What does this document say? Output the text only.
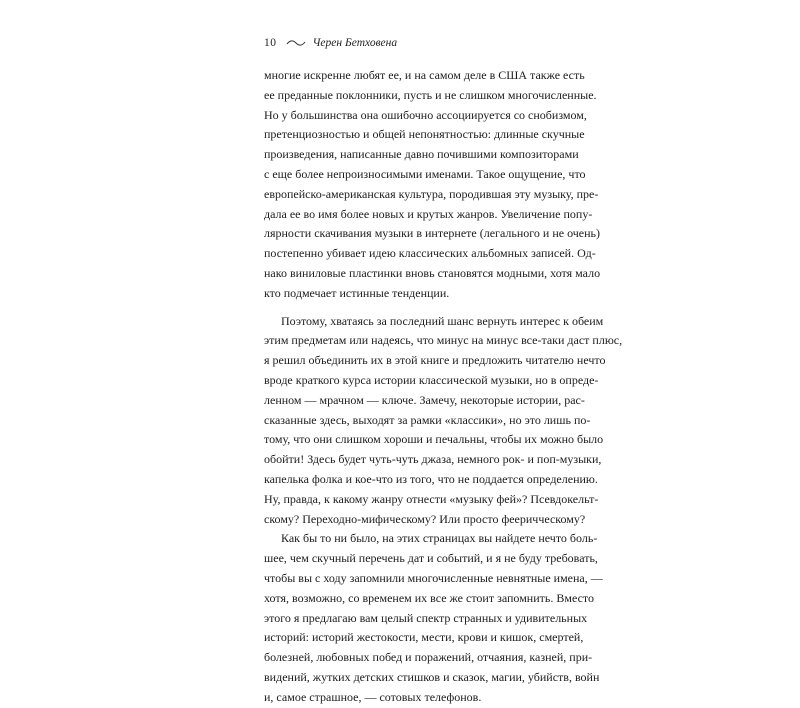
10	Черен Бетховена
многие искренне любят ее, и на самом деле в США также есть
ее преданные поклонники, пусть и не слишком многочисленные.
Но у большинства она ошибочно ассоциируется со снобизмом,
претенциозностью и общей непонятностью: длинные скучные
произведения, написанные давно почившими композиторами
с еще более непроизносимыми именами. Такое ощущение, что
европейско-американская культура, породившая эту музыку, пре-
дала ее во имя более новых и крутых жанров. Увеличение попу-
лярности скачивания музыки в интернете (легального и не очень)
постепенно убивает идею классических альбомных записей. Од-
нако виниловые пластинки вновь становятся модными, хотя мало
кто подмечает истинные тенденции.
Поэтому, хватаясь за последний шанс вернуть интерес к обеим
этим предметам или надеясь, что минус на минус все-таки даст плюс,
я решил объединить их в этой книге и предложить читателю нечто
вроде краткого курса истории классической музыки, но в опреде-
ленном — мрачном — ключе. Замечу, некоторые истории, рас-
сказанные здесь, выходят за рамки «классики», но это лишь по-
тому, что они слишком хороши и печальны, чтобы их можно было
обойти! Здесь будет чуть-чуть джаза, немного рок- и поп-музыки,
капелька фолка и кое-что из того, что не поддается определению.
Ну, правда, к какому жанру отнести «музыку фей»? Псевдокельт-
скому? Переходно-мифическому? Или просто фееричческому?
Как бы то ни было, на этих страницах вы найдете нечто боль-
шее, чем скучный перечень дат и событий, и я не буду требовать,
чтобы вы с ходу запомнили многочисленные невнятные имена, —
хотя, возможно, со временем их все же стоит запомнить. Вместо
этого я предлагаю вам целый спектр странных и удивительных
историй: историй жестокости, мести, крови и кишок, смертей,
болезней, любовных побед и поражений, отчаяния, казней, при-
видений, жутких детских стишков и сказок, магии, убийств, войн
и, самое страшное, — сотовых телефонов.
